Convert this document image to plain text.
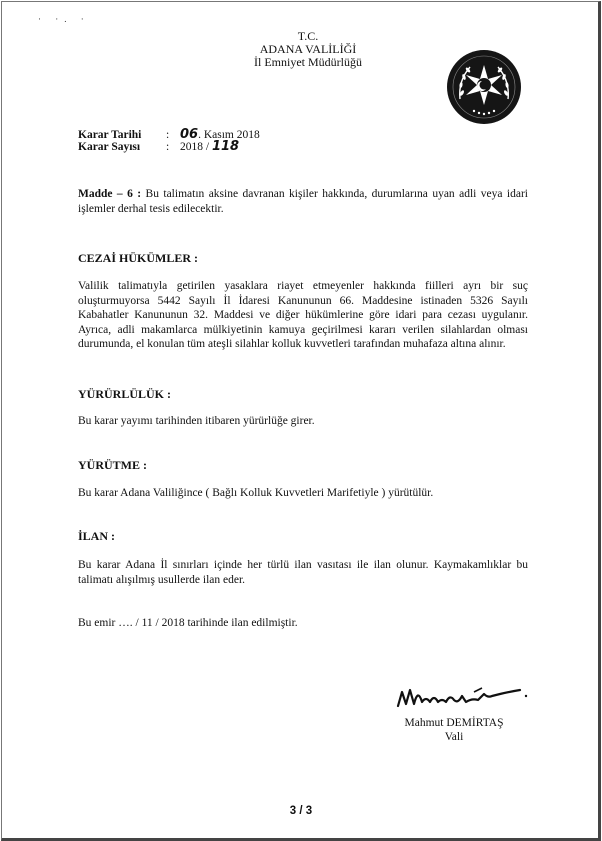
· ·. ·
T.C.
ADANA VALİLİĞİ
İl Emniyet Müdürlüğü
Karar Tarihi	: 06. Kasım 2018
Karar Sayısı	: 2018 / 118
Madde – 6 : Bu talimatın aksine davranan kişiler hakkında, durumlarına uyan adli veya idari işlemler derhal tesis edilecektir.
CEZAİ HÜKÜMLER :
Valilik talimatıyla getirilen yasaklara riayet etmeyenler hakkında fiilleri ayrı bir suç oluşturmuyorsa 5442 Sayılı İl İdaresi Kanununun 66. Maddesine istinaden 5326 Sayılı Kabahatler Kanununun 32. Maddesi ve diğer hükümlerine göre idari para cezası uygulanır. Ayrıca, adli makamlarca mülkiyetinin kamuya geçirilmesi kararı verilen silahlardan olması durumunda, el konulan tüm ateşli silahlar kolluk kuvvetleri tarafından muhafaza altına alınır.
YÜRÜRLÜLÜK :
Bu karar yayımı tarihinden itibaren yürürlüğe girer.
YÜRÜTME :
Bu karar Adana Valiliğince ( Bağlı Kolluk Kuvvetleri Marifetiyle ) yürütülür.
İLAN :
Bu karar Adana İl sınırları içinde her türlü ilan vasıtası ile ilan olunur. Kaymakamlıklar bu talimatı alışılmış usullerde ilan eder.
Bu emir …. / 11 / 2018 tarihinde ilan edilmiştir.
Mahmut DEMİRTAŞ
Vali
3 / 3
